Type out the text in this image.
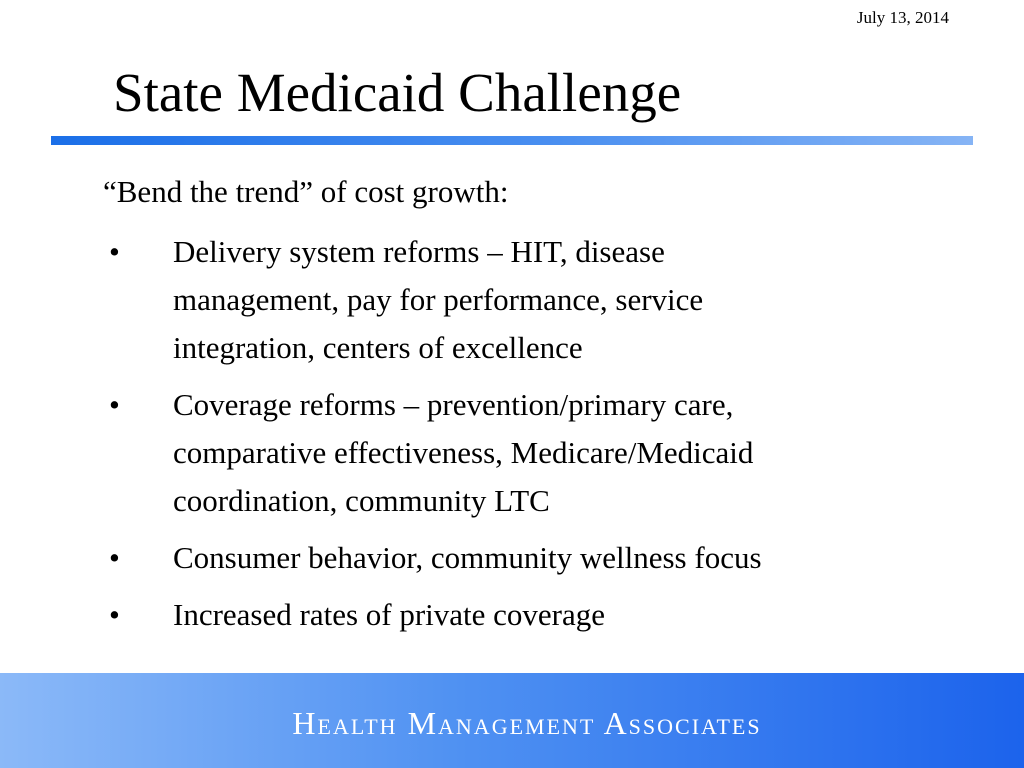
July 13, 2014
State Medicaid Challenge
“Bend the trend” of cost growth:
• Delivery system reforms – HIT, disease
management, pay for performance, service
integration, centers of excellence
• Coverage reforms – prevention/primary care,
comparative effectiveness, Medicare/Medicaid
coordination, community LTC
• Consumer behavior, community wellness focus
• Increased rates of private coverage
Health Management Associates
